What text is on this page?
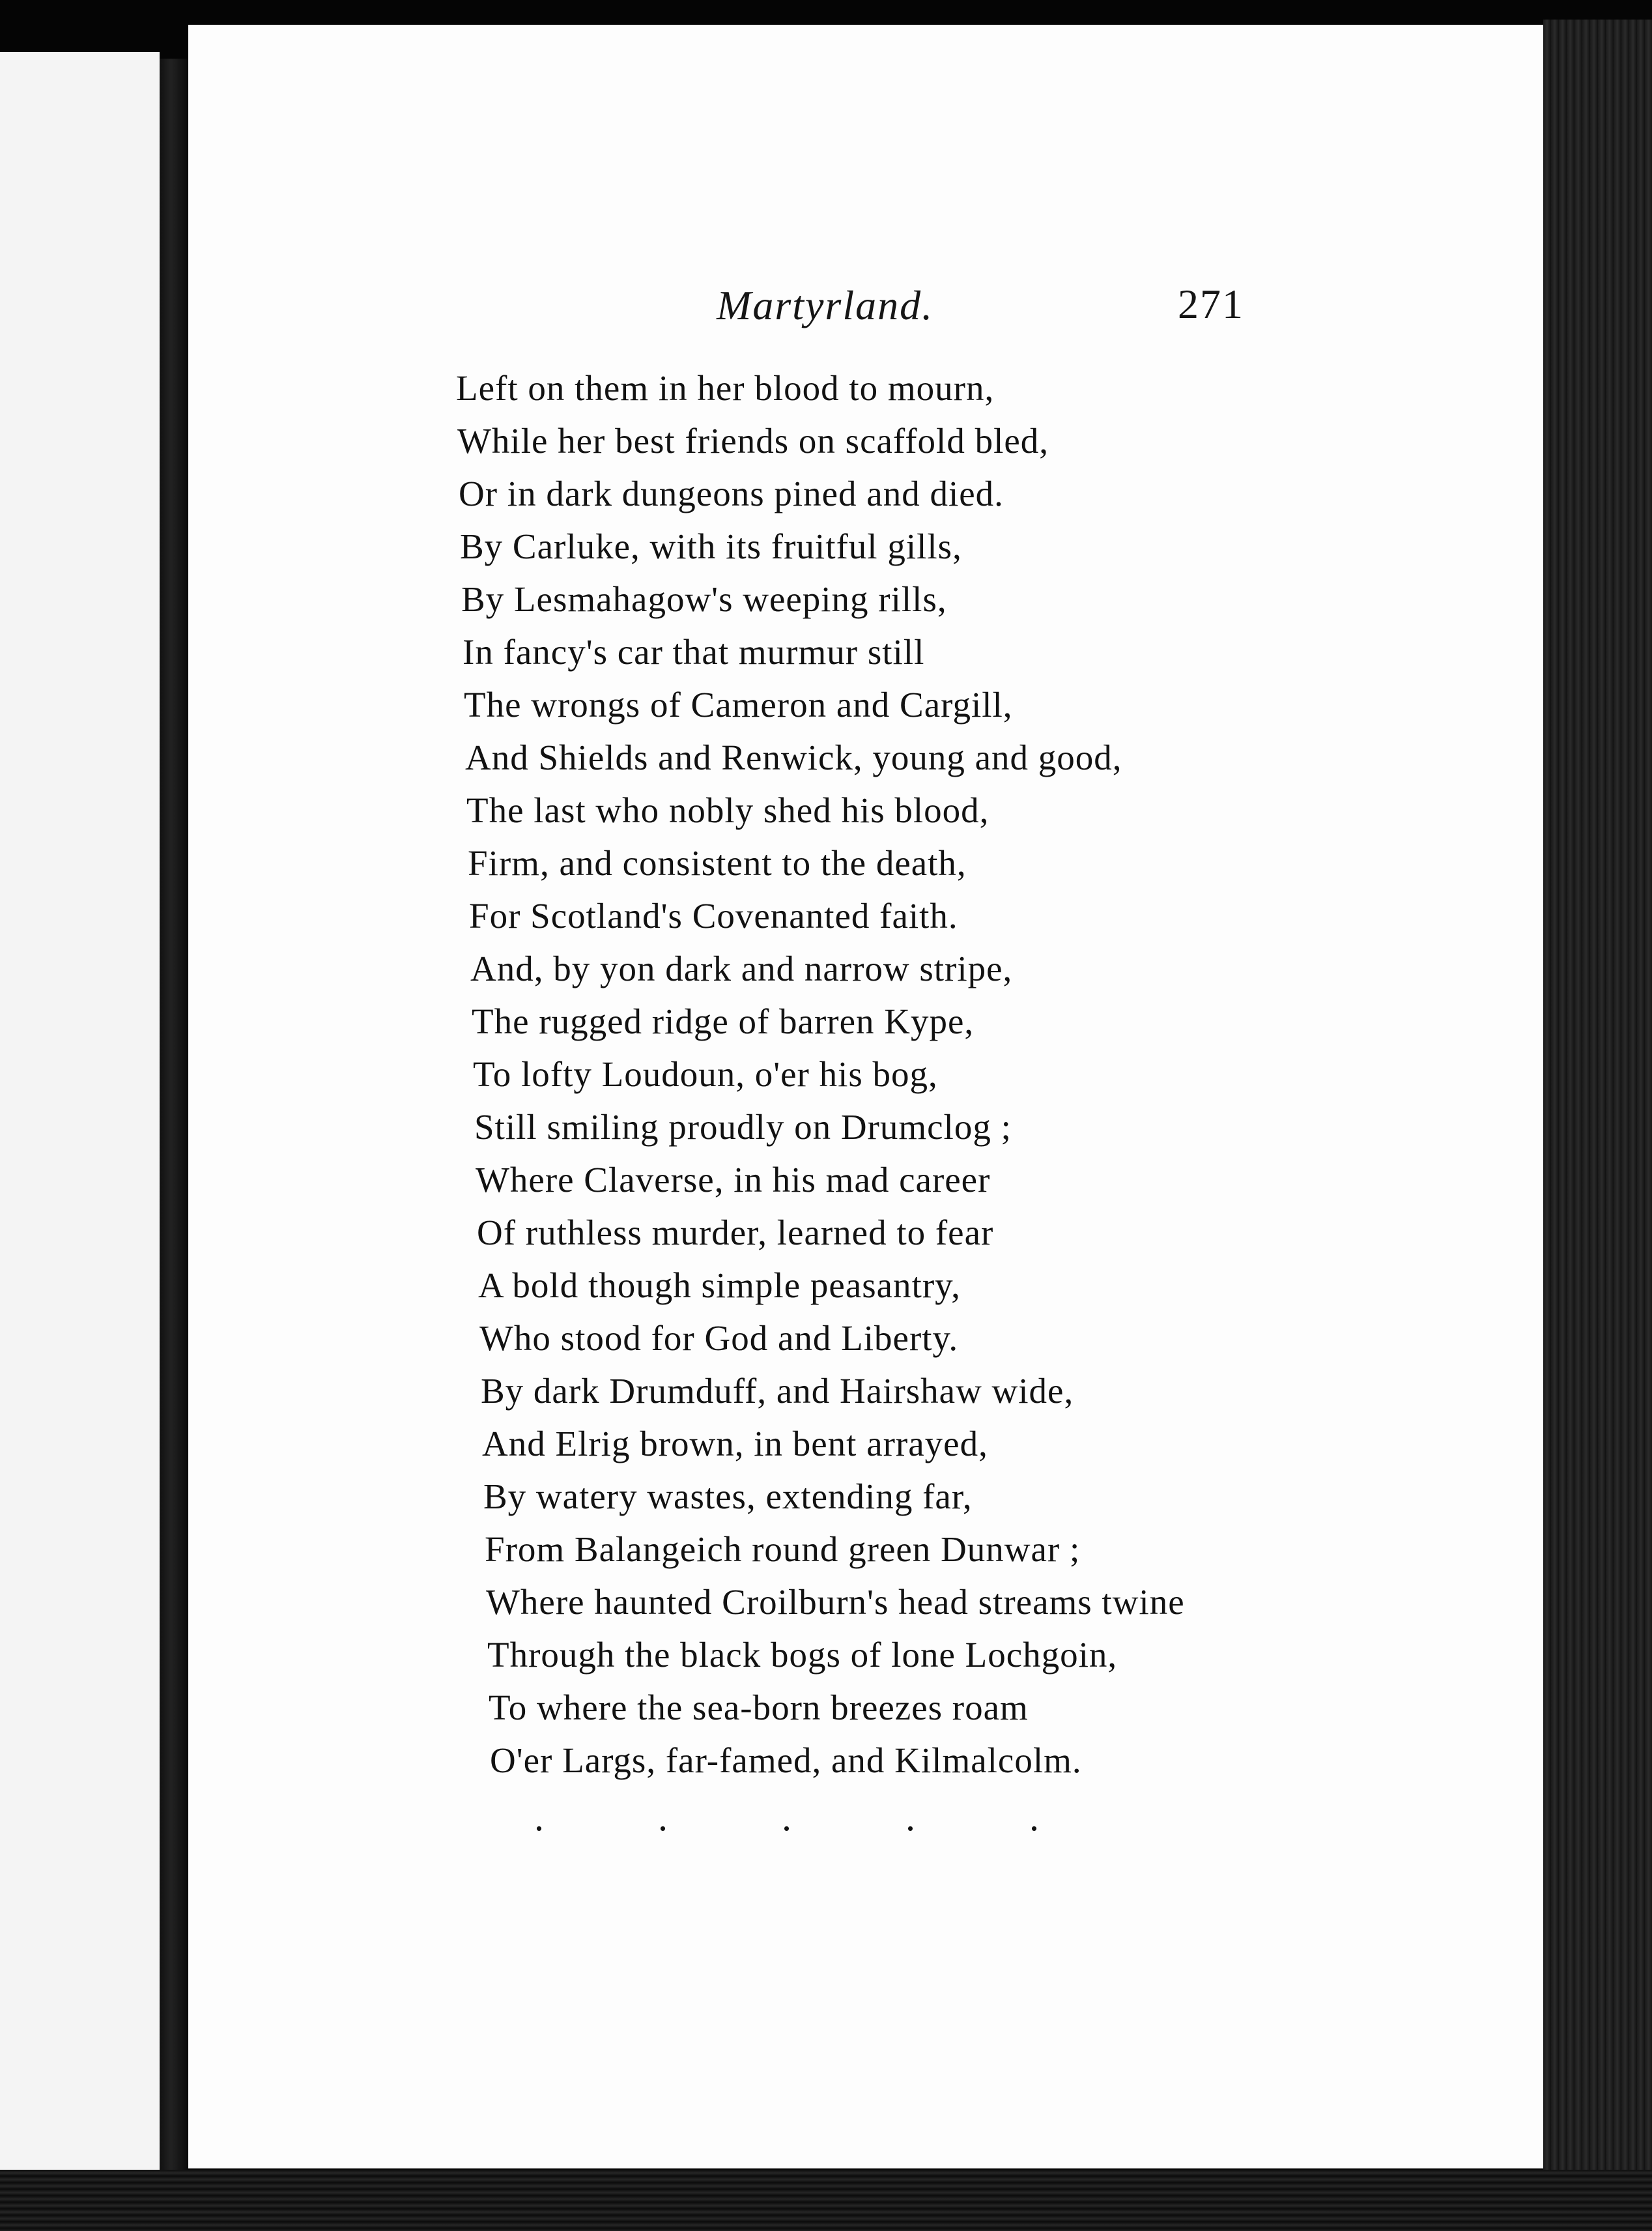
Martyrland.	271
Left on them in her blood to mourn,
While her best friends on scaffold bled,
Or in dark dungeons pined and died.
By Carluke, with its fruitful gills,
By Lesmahagow's weeping rills,
In fancy's car that murmur still
The wrongs of Cameron and Cargill,
And Shields and Renwick, young and good,
The last who nobly shed his blood,
Firm, and consistent to the death,
For Scotland's Covenanted faith.
And, by yon dark and narrow stripe,
The rugged ridge of barren Kype,
To lofty Loudoun, o'er his bog,
Still smiling proudly on Drumclog ;
Where Claverse, in his mad career
Of ruthless murder, learned to fear
A bold though simple peasantry,
Who stood for God and Liberty.
By dark Drumduff, and Hairshaw wide,
And Elrig brown, in bent arrayed,
By watery wastes, extending far,
From Balangeich round green Dunwar ;
Where haunted Croilburn's head streams twine
Through the black bogs of lone Lochgoin,
To where the sea-born breezes roam
O'er Largs, far-famed, and Kilmalcolm.
. . . . .
